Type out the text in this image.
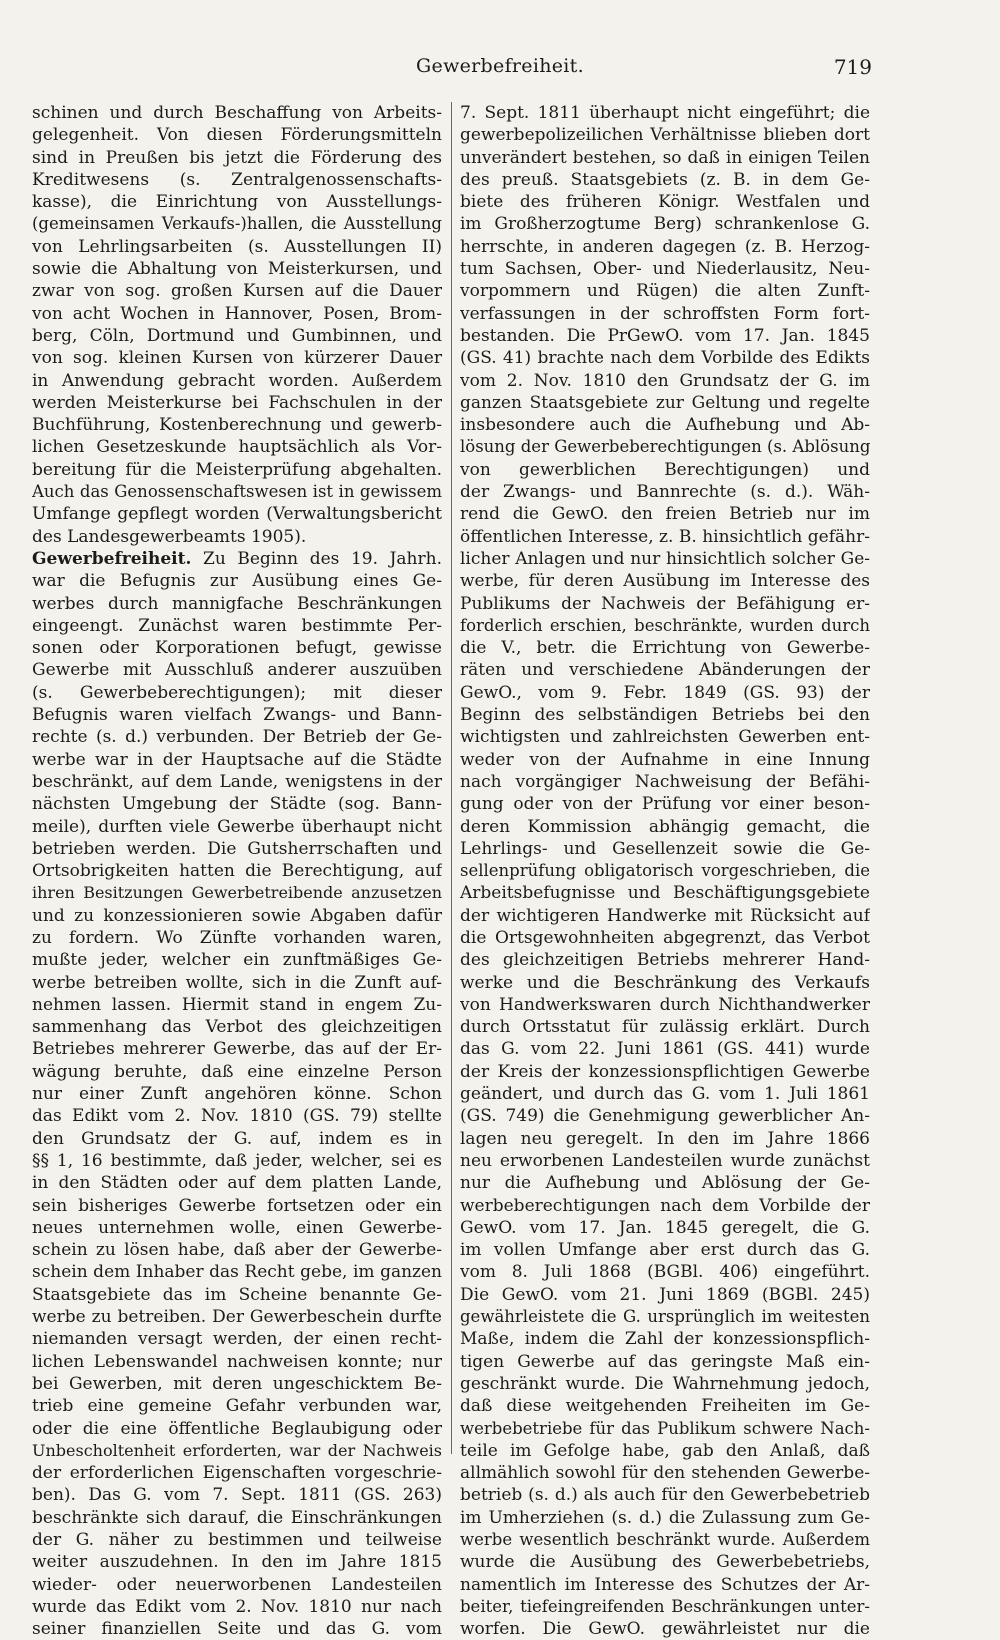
Gewerbefreiheit.	719
schinen und durch Beschaffung von Arbeits-
gelegenheit. Von diesen Förderungsmitteln
sind in Preußen bis jetzt die Förderung des
Kreditwesens (s. Zentralgenossenschafts-
kasse), die Einrichtung von Ausstellungs-
(gemeinsamen Verkaufs-)hallen, die Ausstellung
von Lehrlingsarbeiten (s. Ausstellungen II)
sowie die Abhaltung von Meisterkursen, und
zwar von sog. großen Kursen auf die Dauer
von acht Wochen in Hannover, Posen, Brom-
berg, Cöln, Dortmund und Gumbinnen, und
von sog. kleinen Kursen von kürzerer Dauer
in Anwendung gebracht worden. Außerdem
werden Meisterkurse bei Fachschulen in der
Buchführung, Kostenberechnung und gewerb-
lichen Gesetzeskunde hauptsächlich als Vor-
bereitung für die Meisterprüfung abgehalten.
Auch das Genossenschaftswesen ist in gewissem
Umfange gepflegt worden (Verwaltungsbericht
des Landesgewerbeamts 1905).
Gewerbefreiheit. Zu Beginn des 19. Jahrh.
war die Befugnis zur Ausübung eines Ge-
werbes durch mannigfache Beschränkungen
eingeengt. Zunächst waren bestimmte Per-
sonen oder Korporationen befugt, gewisse
Gewerbe mit Ausschluß anderer auszuüben
(s. Gewerbeberechtigungen); mit dieser
Befugnis waren vielfach Zwangs- und Bann-
rechte (s. d.) verbunden. Der Betrieb der Ge-
werbe war in der Hauptsache auf die Städte
beschränkt, auf dem Lande, wenigstens in der
nächsten Umgebung der Städte (sog. Bann-
meile), durften viele Gewerbe überhaupt nicht
betrieben werden. Die Gutsherrschaften und
Ortsobrigkeiten hatten die Berechtigung, auf
ihren Besitzungen Gewerbetreibende anzusetzen
und zu konzessionieren sowie Abgaben dafür
zu fordern. Wo Zünfte vorhanden waren,
mußte jeder, welcher ein zunftmäßiges Ge-
werbe betreiben wollte, sich in die Zunft auf-
nehmen lassen. Hiermit stand in engem Zu-
sammenhang das Verbot des gleichzeitigen
Betriebes mehrerer Gewerbe, das auf der Er-
wägung beruhte, daß eine einzelne Person
nur einer Zunft angehören könne. Schon
das Edikt vom 2. Nov. 1810 (GS. 79) stellte
den Grundsatz der G. auf, indem es in
§§ 1, 16 bestimmte, daß jeder, welcher, sei es
in den Städten oder auf dem platten Lande,
sein bisheriges Gewerbe fortsetzen oder ein
neues unternehmen wolle, einen Gewerbe-
schein zu lösen habe, daß aber der Gewerbe-
schein dem Inhaber das Recht gebe, im ganzen
Staatsgebiete das im Scheine benannte Ge-
werbe zu betreiben. Der Gewerbeschein durfte
niemanden versagt werden, der einen recht-
lichen Lebenswandel nachweisen konnte; nur
bei Gewerben, mit deren ungeschicktem Be-
trieb eine gemeine Gefahr verbunden war,
oder die eine öffentliche Beglaubigung oder
Unbescholtenheit erforderten, war der Nachweis
der erforderlichen Eigenschaften vorgeschrie-
ben). Das G. vom 7. Sept. 1811 (GS. 263)
beschränkte sich darauf, die Einschränkungen
der G. näher zu bestimmen und teilweise
weiter auszudehnen. In den im Jahre 1815
wieder- oder neuerworbenen Landesteilen
wurde das Edikt vom 2. Nov. 1810 nur nach
seiner finanziellen Seite und das G. vom
7. Sept. 1811 überhaupt nicht eingeführt; die
gewerbepolizeilichen Verhältnisse blieben dort
unverändert bestehen, so daß in einigen Teilen
des preuß. Staatsgebiets (z. B. in dem Ge-
biete des früheren Königr. Westfalen und
im Großherzogtume Berg) schrankenlose G.
herrschte, in anderen dagegen (z. B. Herzog-
tum Sachsen, Ober- und Niederlausitz, Neu-
vorpommern und Rügen) die alten Zunft-
verfassungen in der schroffsten Form fort-
bestanden. Die PrGewO. vom 17. Jan. 1845
(GS. 41) brachte nach dem Vorbilde des Edikts
vom 2. Nov. 1810 den Grundsatz der G. im
ganzen Staatsgebiete zur Geltung und regelte
insbesondere auch die Aufhebung und Ab-
lösung der Gewerbeberechtigungen (s. Ablösung
von gewerblichen Berechtigungen) und
der Zwangs- und Bannrechte (s. d.). Wäh-
rend die GewO. den freien Betrieb nur im
öffentlichen Interesse, z. B. hinsichtlich gefähr-
licher Anlagen und nur hinsichtlich solcher Ge-
werbe, für deren Ausübung im Interesse des
Publikums der Nachweis der Befähigung er-
forderlich erschien, beschränkte, wurden durch
die V., betr. die Errichtung von Gewerbe-
räten und verschiedene Abänderungen der
GewO., vom 9. Febr. 1849 (GS. 93) der
Beginn des selbständigen Betriebs bei den
wichtigsten und zahlreichsten Gewerben ent-
weder von der Aufnahme in eine Innung
nach vorgängiger Nachweisung der Befähi-
gung oder von der Prüfung vor einer beson-
deren Kommission abhängig gemacht, die
Lehrlings- und Gesellenzeit sowie die Ge-
sellenprüfung obligatorisch vorgeschrieben, die
Arbeitsbefugnisse und Beschäftigungsgebiete
der wichtigeren Handwerke mit Rücksicht auf
die Ortsgewohnheiten abgegrenzt, das Verbot
des gleichzeitigen Betriebs mehrerer Hand-
werke und die Beschränkung des Verkaufs
von Handwerkswaren durch Nichthandwerker
durch Ortsstatut für zulässig erklärt. Durch
das G. vom 22. Juni 1861 (GS. 441) wurde
der Kreis der konzessionspflichtigen Gewerbe
geändert, und durch das G. vom 1. Juli 1861
(GS. 749) die Genehmigung gewerblicher An-
lagen neu geregelt. In den im Jahre 1866
neu erworbenen Landesteilen wurde zunächst
nur die Aufhebung und Ablösung der Ge-
werbeberechtigungen nach dem Vorbilde der
GewO. vom 17. Jan. 1845 geregelt, die G.
im vollen Umfange aber erst durch das G.
vom 8. Juli 1868 (BGBl. 406) eingeführt.
Die GewO. vom 21. Juni 1869 (BGBl. 245)
gewährleistete die G. ursprünglich im weitesten
Maße, indem die Zahl der konzessionspflich-
tigen Gewerbe auf das geringste Maß ein-
geschränkt wurde. Die Wahrnehmung jedoch,
daß diese weitgehenden Freiheiten im Ge-
werbebetriebe für das Publikum schwere Nach-
teile im Gefolge habe, gab den Anlaß, daß
allmählich sowohl für den stehenden Gewerbe-
betrieb (s. d.) als auch für den Gewerbebetrieb
im Umherziehen (s. d.) die Zulassung zum Ge-
werbe wesentlich beschränkt wurde. Außerdem
wurde die Ausübung des Gewerbebetriebs,
namentlich im Interesse des Schutzes der Ar-
beiter, tiefeingreifenden Beschränkungen unter-
worfen. Die GewO. gewährleistet nur die
